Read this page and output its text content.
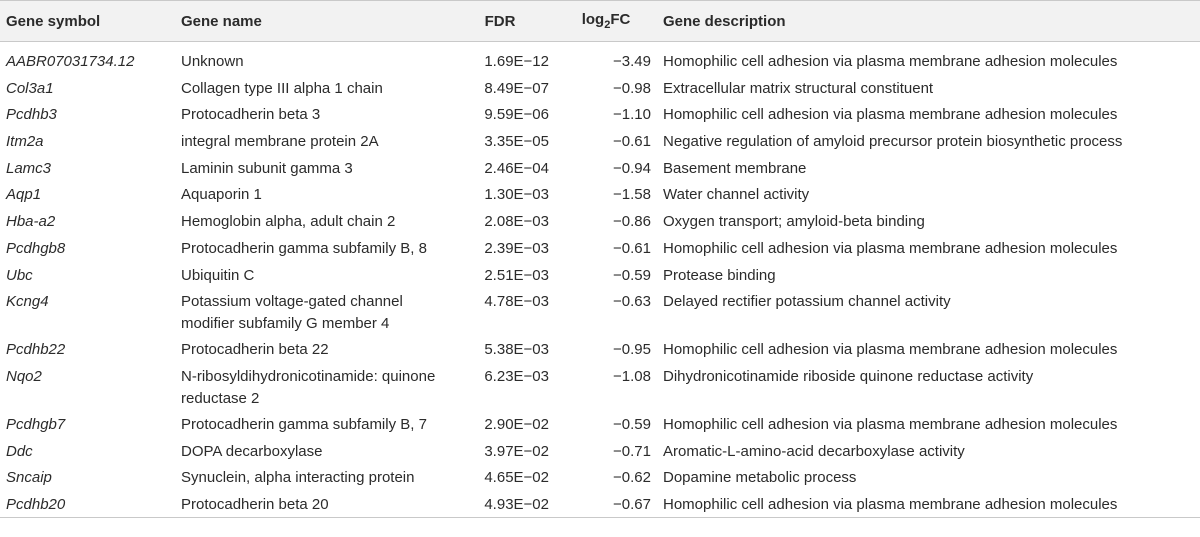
Gene symbol	Gene name	FDR	$\log_2FC$	Gene description
AABR07031734.12	Unknown	1.69E−12	−3.49	Homophilic cell adhesion via plasma membrane adhesion molecules
Col3a1	Collagen type III alpha 1 chain	8.49E−07	−0.98	Extracellular matrix structural constituent
Pcdhb3	Protocadherin beta 3	9.59E−06	−1.10	Homophilic cell adhesion via plasma membrane adhesion molecules
Itm2a	integral membrane protein 2A	3.35E−05	−0.61	Negative regulation of amyloid precursor protein biosynthetic process
Lamc3	Laminin subunit gamma 3	2.46E−04	−0.94	Basement membrane
Aqp1	Aquaporin 1	1.30E−03	−1.58	Water channel activity
Hba-a2	Hemoglobin alpha, adult chain 2	2.08E−03	−0.86	Oxygen transport; amyloid-beta binding
Pcdhgb8	Protocadherin gamma subfamily B, 8	2.39E−03	−0.61	Homophilic cell adhesion via plasma membrane adhesion molecules
Ubc	Ubiquitin C	2.51E−03	−0.59	Protease binding
Kcng4	Potassium voltage-gated channel modifier subfamily G member 4	4.78E−03	−0.63	Delayed rectifier potassium channel activity
Pcdhb22	Protocadherin beta 22	5.38E−03	−0.95	Homophilic cell adhesion via plasma membrane adhesion molecules
Nqo2	N-ribosyldihydronicotinamide: quinone reductase 2	6.23E−03	−1.08	Dihydronicotinamide riboside quinone reductase activity
Pcdhgb7	Protocadherin gamma subfamily B, 7	2.90E−02	−0.59	Homophilic cell adhesion via plasma membrane adhesion molecules
Ddc	DOPA decarboxylase	3.97E−02	−0.71	Aromatic-L-amino-acid decarboxylase activity
Sncaip	Synuclein, alpha interacting protein	4.65E−02	−0.62	Dopamine metabolic process
Pcdhb20	Protocadherin beta 20	4.93E−02	−0.67	Homophilic cell adhesion via plasma membrane adhesion molecules
